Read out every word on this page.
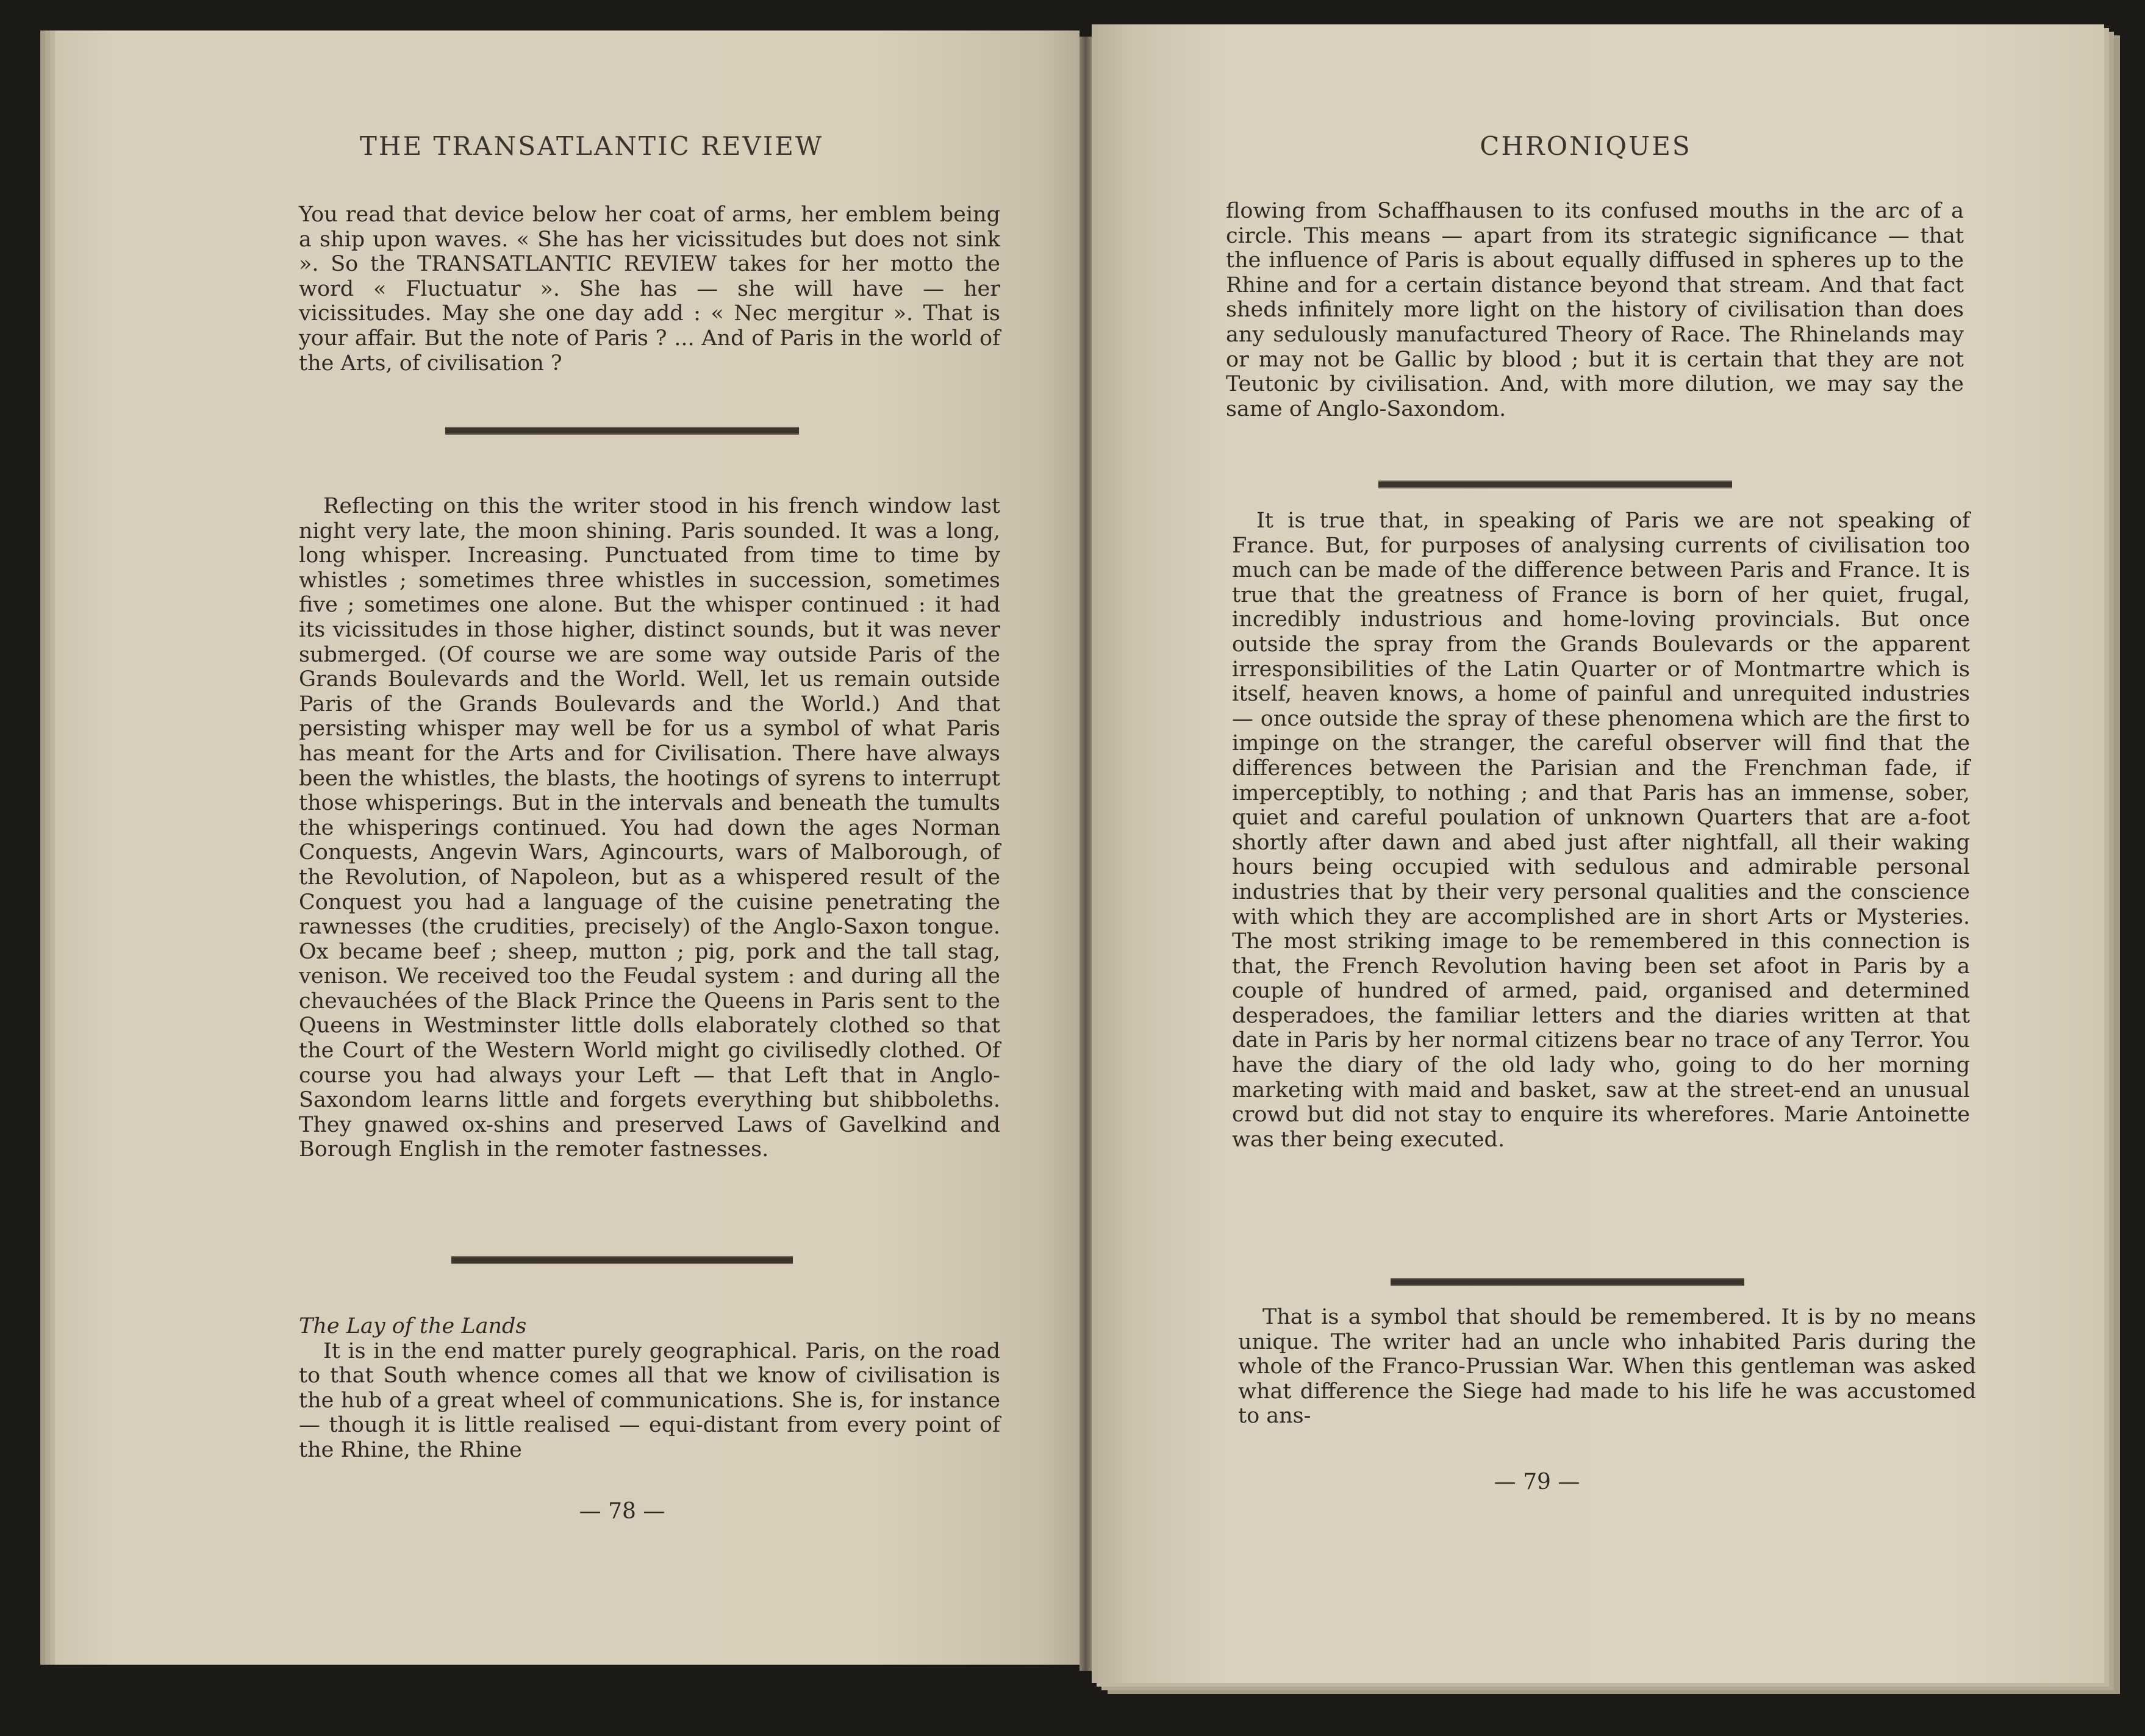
THE TRANSATLANTIC REVIEW

You read that device below her coat of arms, her emblem being a ship upon waves. « She has her vicissitudes but does not sink ». So the TRANSATLANTIC REVIEW takes for her motto the word « Fluctuatur ». She has — she will have — her vicissitudes. May she one day add : « Nec mergitur ». That is your affair. But the note of Paris ? ... And of Paris in the world of the Arts, of civilisation ?

Reflecting on this the writer stood in his french window last night very late, the moon shining. Paris sounded. It was a long, long whisper. Increasing. Punctuated from time to time by whistles ; sometimes three whistles in succession, sometimes five ; sometimes one alone. But the whisper continued : it had its vicissitudes in those higher, distinct sounds, but it was never submerged. (Of course we are some way outside Paris of the Grands Boulevards and the World. Well, let us remain outside Paris of the Grands Boulevards and the World.) And that persisting whisper may well be for us a symbol of what Paris has meant for the Arts and for Civilisation. There have always been the whistles, the blasts, the hootings of syrens to interrupt those whisperings. But in the intervals and beneath the tumults the whisperings continued. You had down the ages Norman Conquests, Angevin Wars, Agincourts, wars of Malborough, of the Revolution, of Napoleon, but as a whispered result of the Conquest you had a language of the cuisine penetrating the rawnesses (the crudities, precisely) of the Anglo-Saxon tongue. Ox became beef ; sheep, mutton ; pig, pork and the tall stag, venison. We received too the Feudal system : and during all the chevauchées of the Black Prince the Queens in Paris sent to the Queens in Westminster little dolls elaborately clothed so that the Court of the Western World might go civilisedly clothed. Of course you had always your Left — that Left that in Anglo-Saxondom learns little and forgets everything but shibboleths. They gnawed ox-shins and preserved Laws of Gavelkind and Borough English in the remoter fastnesses.

The Lay of the Lands

It is in the end matter purely geographical. Paris, on the road to that South whence comes all that we know of civilisation is the hub of a great wheel of communications. She is, for instance — though it is little realised — equi-distant from every point of the Rhine, the Rhine

— 78 —
CHRONIQUES

flowing from Schaffhausen to its confused mouths in the arc of a circle. This means — apart from its strategic significance — that the influence of Paris is about equally diffused in spheres up to the Rhine and for a certain distance beyond that stream. And that fact sheds infinitely more light on the history of civilisation than does any sedulously manufactured Theory of Race. The Rhinelands may or may not be Gallic by blood ; but it is certain that they are not Teutonic by civilisation. And, with more dilution, we may say the same of Anglo-Saxondom.

It is true that, in speaking of Paris we are not speaking of France. But, for purposes of analysing currents of civilisation too much can be made of the difference between Paris and France. It is true that the greatness of France is born of her quiet, frugal, incredibly industrious and home-loving provincials. But once outside the spray from the Grands Boulevards or the apparent irresponsibilities of the Latin Quarter or of Montmartre which is itself, heaven knows, a home of painful and unrequited industries — once outside the spray of these phenomena which are the first to impinge on the stranger, the careful observer will find that the differences between the Parisian and the Frenchman fade, if imperceptibly, to nothing ; and that Paris has an immense, sober, quiet and careful poulation of unknown Quarters that are a-foot shortly after dawn and abed just after nightfall, all their waking hours being occupied with sedulous and admirable personal industries that by their very personal qualities and the conscience with which they are accomplished are in short Arts or Mysteries. The most striking image to be remembered in this connection is that, the French Revolution having been set afoot in Paris by a couple of hundred of armed, paid, organised and determined desperadoes, the familiar letters and the diaries written at that date in Paris by her normal citizens bear no trace of any Terror. You have the diary of the old lady who, going to do her morning marketing with maid and basket, saw at the street-end an unusual crowd but did not stay to enquire its wherefores. Marie Antoinette was ther being executed.

That is a symbol that should be remembered. It is by no means unique. The writer had an uncle who inhabited Paris during the whole of the Franco-Prussian War. When this gentleman was asked what difference the Siege had made to his life he was accustomed to ans-

— 79 —
